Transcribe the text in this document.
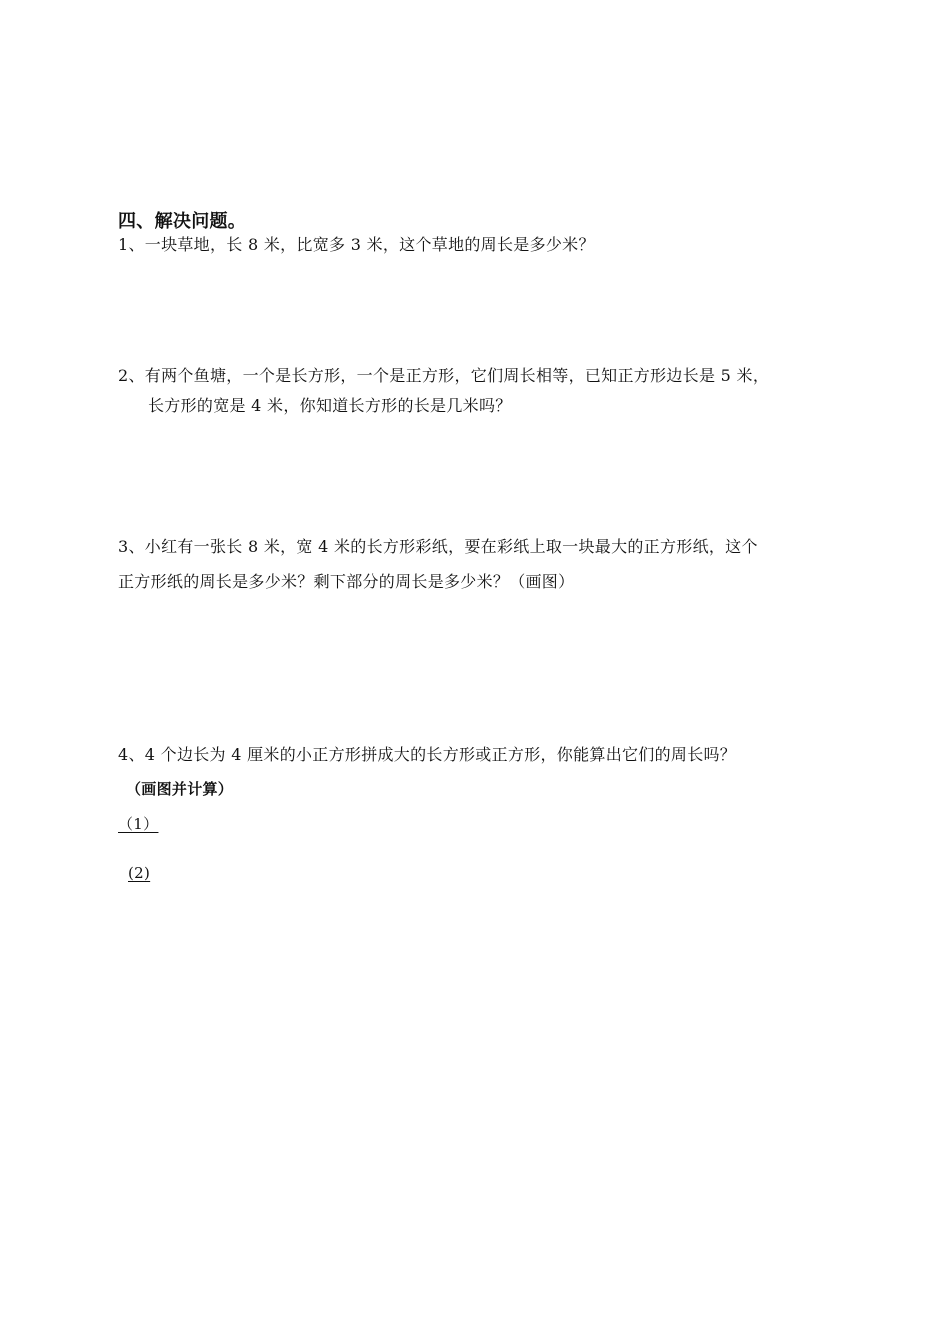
四、解决问题。
1、一块草地，长 8 米，比宽多 3 米，这个草地的周长是多少米？
2、有两个鱼塘，一个是长方形，一个是正方形，它们周长相等，已知正方形边长是 5 米，
长方形的宽是 4 米，你知道长方形的长是几米吗？
3、小红有一张长 8 米，宽 4 米的长方形彩纸，要在彩纸上取一块最大的正方形纸，这个
正方形纸的周长是多少米？剩下部分的周长是多少米？（画图）
4、4 个边长为 4 厘米的小正方形拼成大的长方形或正方形，你能算出它们的周长吗？
（画图并计算）
（1）
(2)
